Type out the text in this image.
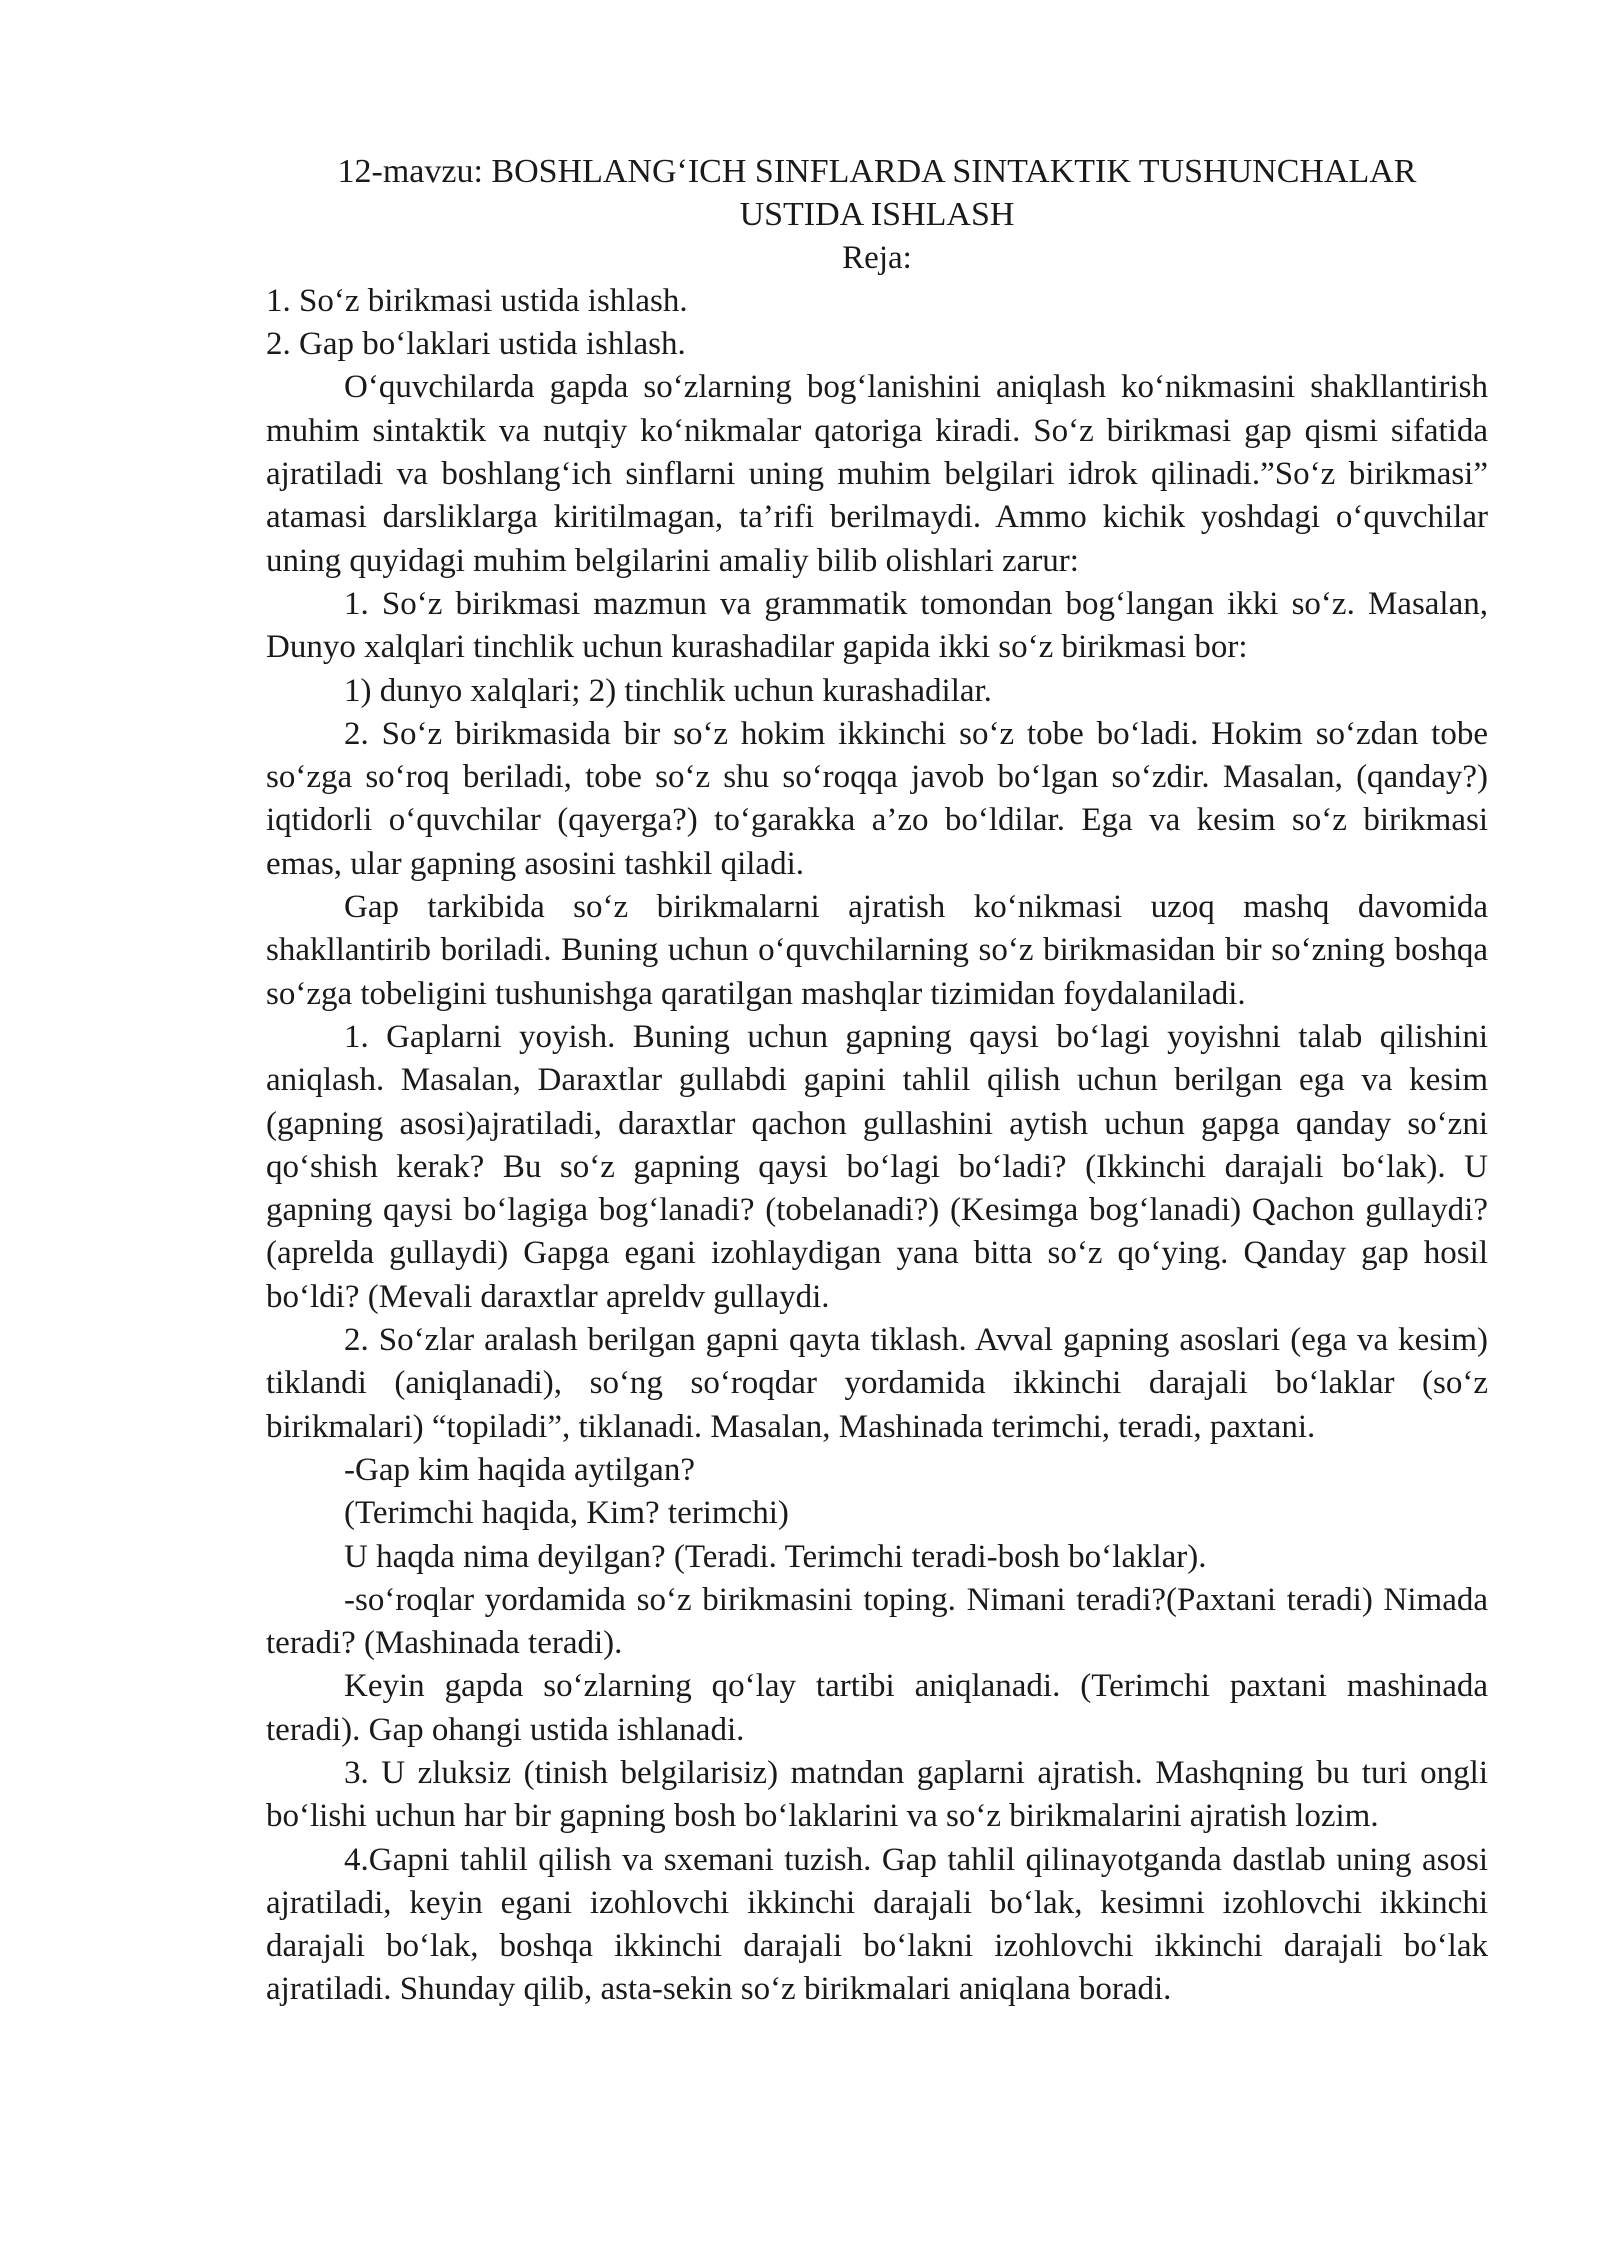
12-mavzu: BOSHLANG‘ICH SINFLARDA SINTAKTIK TUSHUNCHALAR
USTIDA ISHLASH

Reja:

1. So‘z birikmasi ustida ishlash.

2. Gap bo‘laklari ustida ishlash.

O‘quvchilarda gapda so‘zlarning bog‘lanishini aniqlash ko‘nikmasini shakllantirish muhim sintaktik va nutqiy ko‘nikmalar qatoriga kiradi. So‘z birikmasi gap qismi sifatida ajratiladi va boshlang‘ich sinflarni uning muhim belgilari idrok qilinadi.”So‘z birikmasi” atamasi darsliklarga kiritilmagan, ta’rifi berilmaydi. Ammo kichik yoshdagi o‘quvchilar uning quyidagi muhim belgilarini amaliy bilib olishlari zarur:

1. So‘z birikmasi mazmun va grammatik tomondan bog‘langan ikki so‘z. Masalan, Dunyo xalqlari tinchlik uchun kurashadilar gapida ikki so‘z birikmasi bor:

1) dunyo xalqlari; 2) tinchlik uchun kurashadilar.

2. So‘z birikmasida bir so‘z hokim ikkinchi so‘z tobe bo‘ladi. Hokim so‘zdan tobe so‘zga so‘roq beriladi, tobe so‘z shu so‘roqqa javob bo‘lgan so‘zdir. Masalan, (qanday?) iqtidorli o‘quvchilar (qayerga?) to‘garakka a’zo bo‘ldilar. Ega va kesim so‘z birikmasi emas, ular gapning asosini tashkil qiladi.

Gap tarkibida so‘z birikmalarni ajratish ko‘nikmasi uzoq mashq davomida shakllantirib boriladi. Buning uchun o‘quvchilarning so‘z birikmasidan bir so‘zning boshqa so‘zga tobeligini tushunishga qaratilgan mashqlar tizimidan foydalaniladi.

1. Gaplarni yoyish. Buning uchun gapning qaysi bo‘lagi yoyishni talab qilishini aniqlash. Masalan, Daraxtlar gullabdi gapini tahlil qilish uchun berilgan ega va kesim (gapning asosi)ajratiladi, daraxtlar qachon gullashini aytish uchun gapga qanday so‘zni qo‘shish kerak? Bu so‘z gapning qaysi bo‘lagi bo‘ladi? (Ikkinchi darajali bo‘lak). U gapning qaysi bo‘lagiga bog‘lanadi? (tobelanadi?) (Kesimga bog‘lanadi) Qachon gullaydi? (aprelda gullaydi) Gapga egani izohlaydigan yana bitta so‘z qo‘ying. Qanday gap hosil bo‘ldi? (Mevali daraxtlar apreldv gullaydi.

2. So‘zlar aralash berilgan gapni qayta tiklash. Avval gapning asoslari (ega va kesim) tiklandi (aniqlanadi), so‘ng so‘roqdar yordamida ikkinchi darajali bo‘laklar (so‘z birikmalari) “topiladi”, tiklanadi. Masalan, Mashinada terimchi, teradi, paxtani.

-Gap kim haqida aytilgan?

(Terimchi haqida, Kim? terimchi)

U haqda nima deyilgan? (Teradi. Terimchi teradi-bosh bo‘laklar).

-so‘roqlar yordamida so‘z birikmasini toping. Nimani teradi?(Paxtani teradi) Nimada teradi? (Mashinada teradi).

Keyin gapda so‘zlarning qo‘lay tartibi aniqlanadi. (Terimchi paxtani mashinada teradi). Gap ohangi ustida ishlanadi.

3. U zluksiz (tinish belgilarisiz) matndan gaplarni ajratish. Mashqning bu turi ongli bo‘lishi uchun har bir gapning bosh bo‘laklarini va so‘z birikmalarini ajratish lozim.

4.Gapni tahlil qilish va sxemani tuzish. Gap tahlil qilinayotganda dastlab uning asosi ajratiladi, keyin egani izohlovchi ikkinchi darajali bo‘lak, kesimni izohlovchi ikkinchi darajali bo‘lak, boshqa ikkinchi darajali bo‘lakni izohlovchi ikkinchi darajali bo‘lak ajratiladi. Shunday qilib, asta-sekin so‘z birikmalari aniqlana boradi.
